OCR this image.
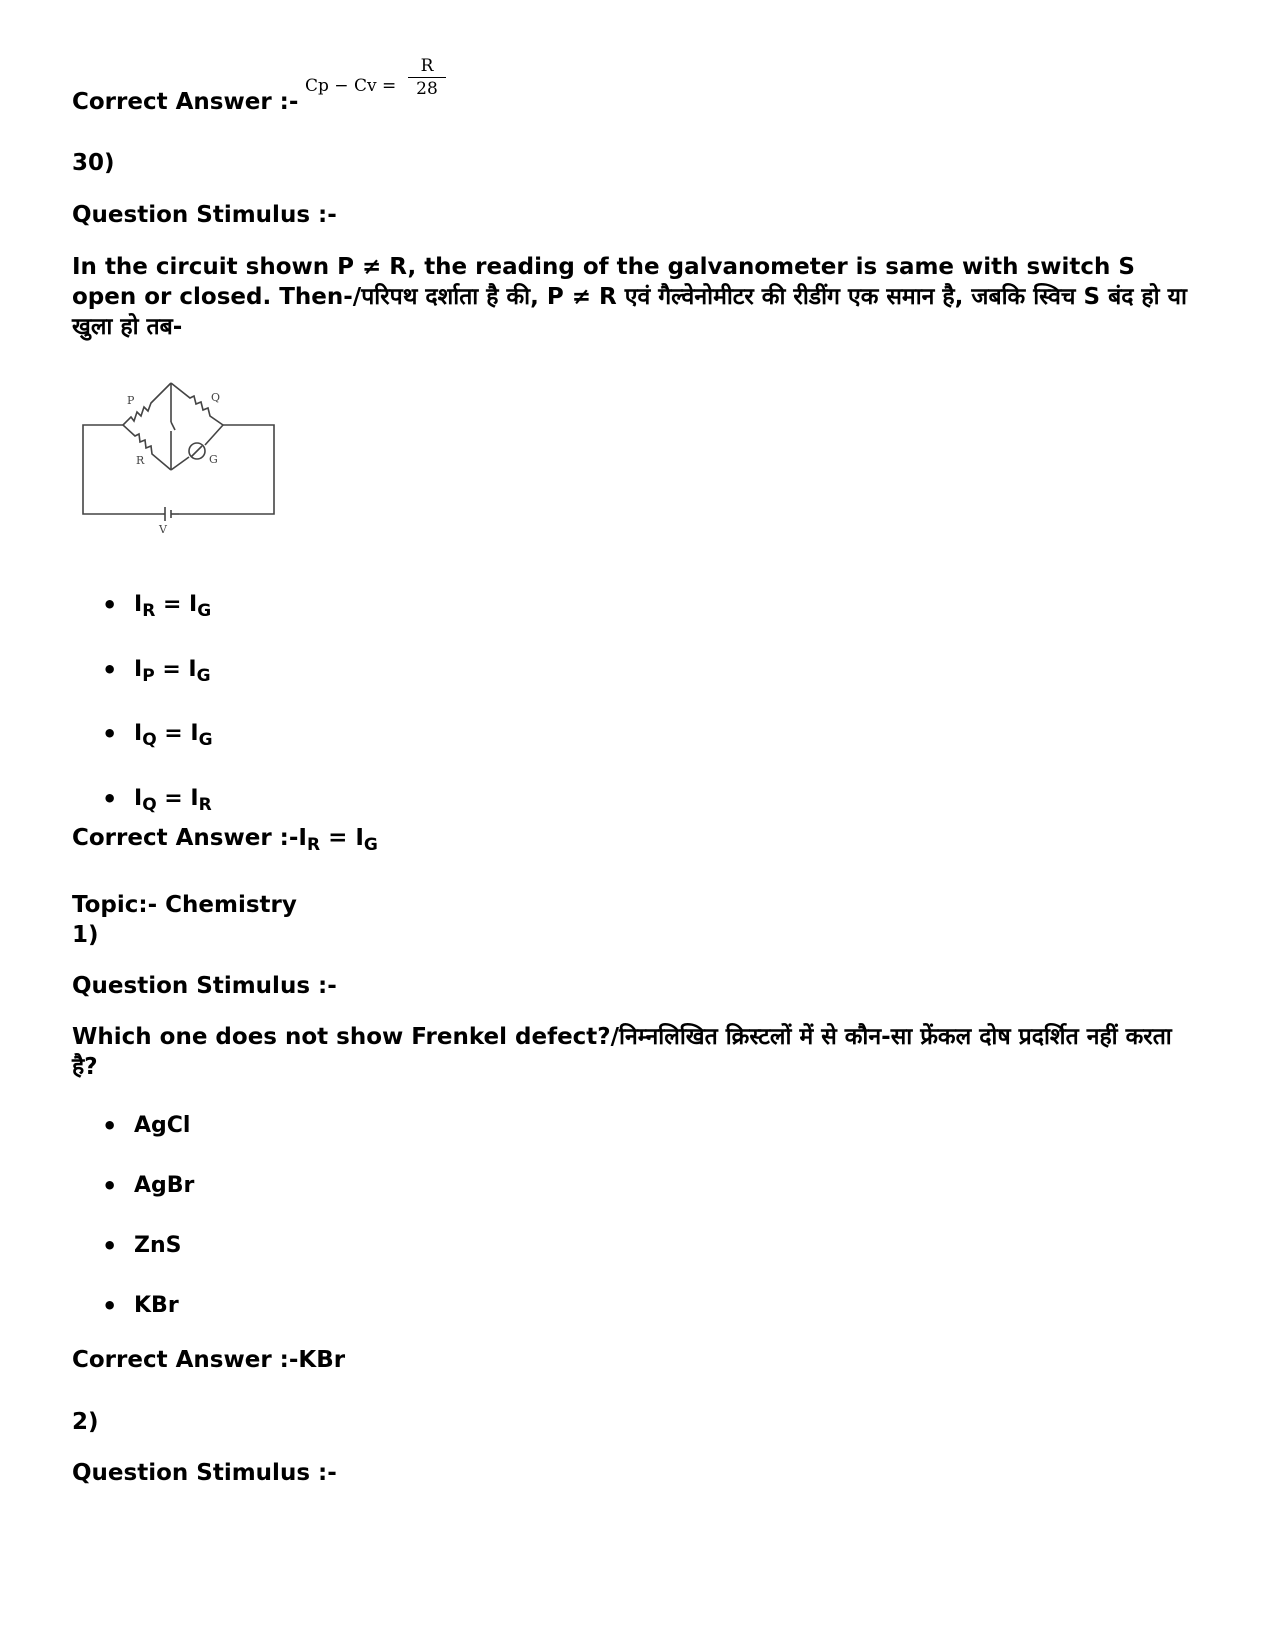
Correct Answer :-
Cp − Cv =
R
28
30)
Question Stimulus :-
In the circuit shown P ≠ R, the reading of the galvanometer is same with switch S open or closed. Then-/परिपथ दर्शाता है की, P ≠ R एवं गैल्वेनोमीटर की रीडींग एक समान है, जबकि स्विच S बंद हो या खुला हो तब-
P	Q
R	G
V
• $I_R = I_G$
• $I_P = I_G$
• $I_Q = I_G$
• $I_Q = I_R$
Correct Answer $:-I_R = I_G$
Topic:- Chemistry
1)
Question Stimulus :-
Which one does not show Frenkel defect?/निम्नलिखित क्रिस्टलों में से कौन-सा फ्रेंकल दोष प्रदर्शित नहीं करता है?
• AgCl
• AgBr
• ZnS
• KBr
Correct Answer :-KBr
2)
Question Stimulus :-
